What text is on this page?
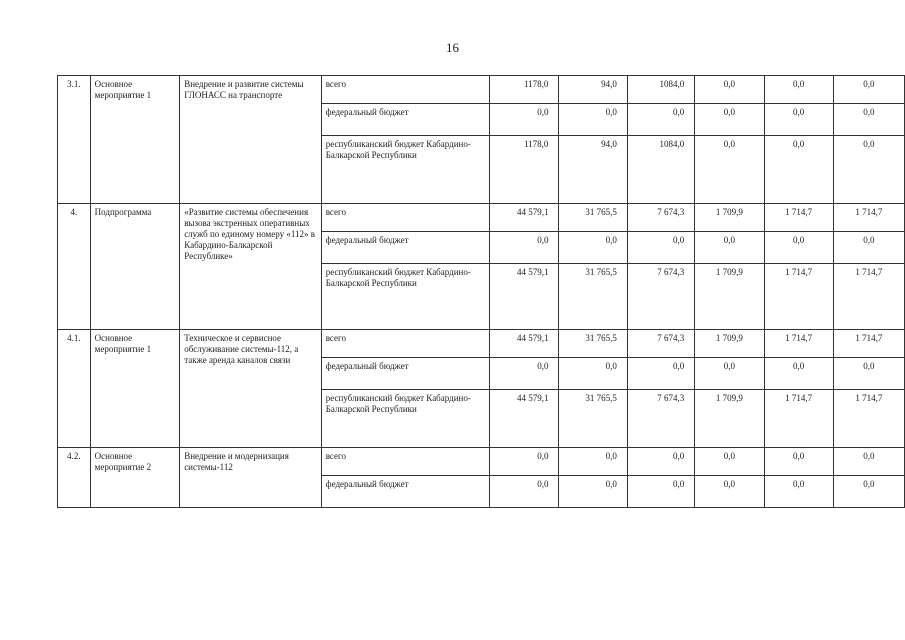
16
3.1.	Основное мероприятие 1	Внедрение и развитие системы ГЛОНАСС на транспорте	всего	1178,0	94,0	1084,0	0,0	0,0	0,0
			федеральный бюджет	0,0	0,0	0,0	0,0	0,0	0,0
			республиканский бюджет Кабардино-Балкарской Республики	1178,0	94,0	1084,0	0,0	0,0	0,0
4.	Подпрограмма	«Развитие системы обеспечения вызова экстренных оперативных служб по единому номеру «112» в Кабардино-Балкарской Республике»	всего	44 579,1	31 765,5	7 674,3	1 709,9	1 714,7	1 714,7
			федеральный бюджет	0,0	0,0	0,0	0,0	0,0	0,0
			республиканский бюджет Кабардино-Балкарской Республики	44 579,1	31 765,5	7 674,3	1 709,9	1 714,7	1 714,7
4.1.	Основное мероприятие 1	Техническое и сервисное обслуживание системы-112, а также аренда каналов связи	всего	44 579,1	31 765,5	7 674,3	1 709,9	1 714,7	1 714,7
			федеральный бюджет	0,0	0,0	0,0	0,0	0,0	0,0
			республиканский бюджет Кабардино-Балкарской Республики	44 579,1	31 765,5	7 674,3	1 709,9	1 714,7	1 714,7
4.2.	Основное мероприятие 2	Внедрение и модернизация системы-112	всего	0,0	0,0	0,0	0,0	0,0	0,0
			федеральный бюджет	0,0	0,0	0,0	0,0	0,0	0,0
